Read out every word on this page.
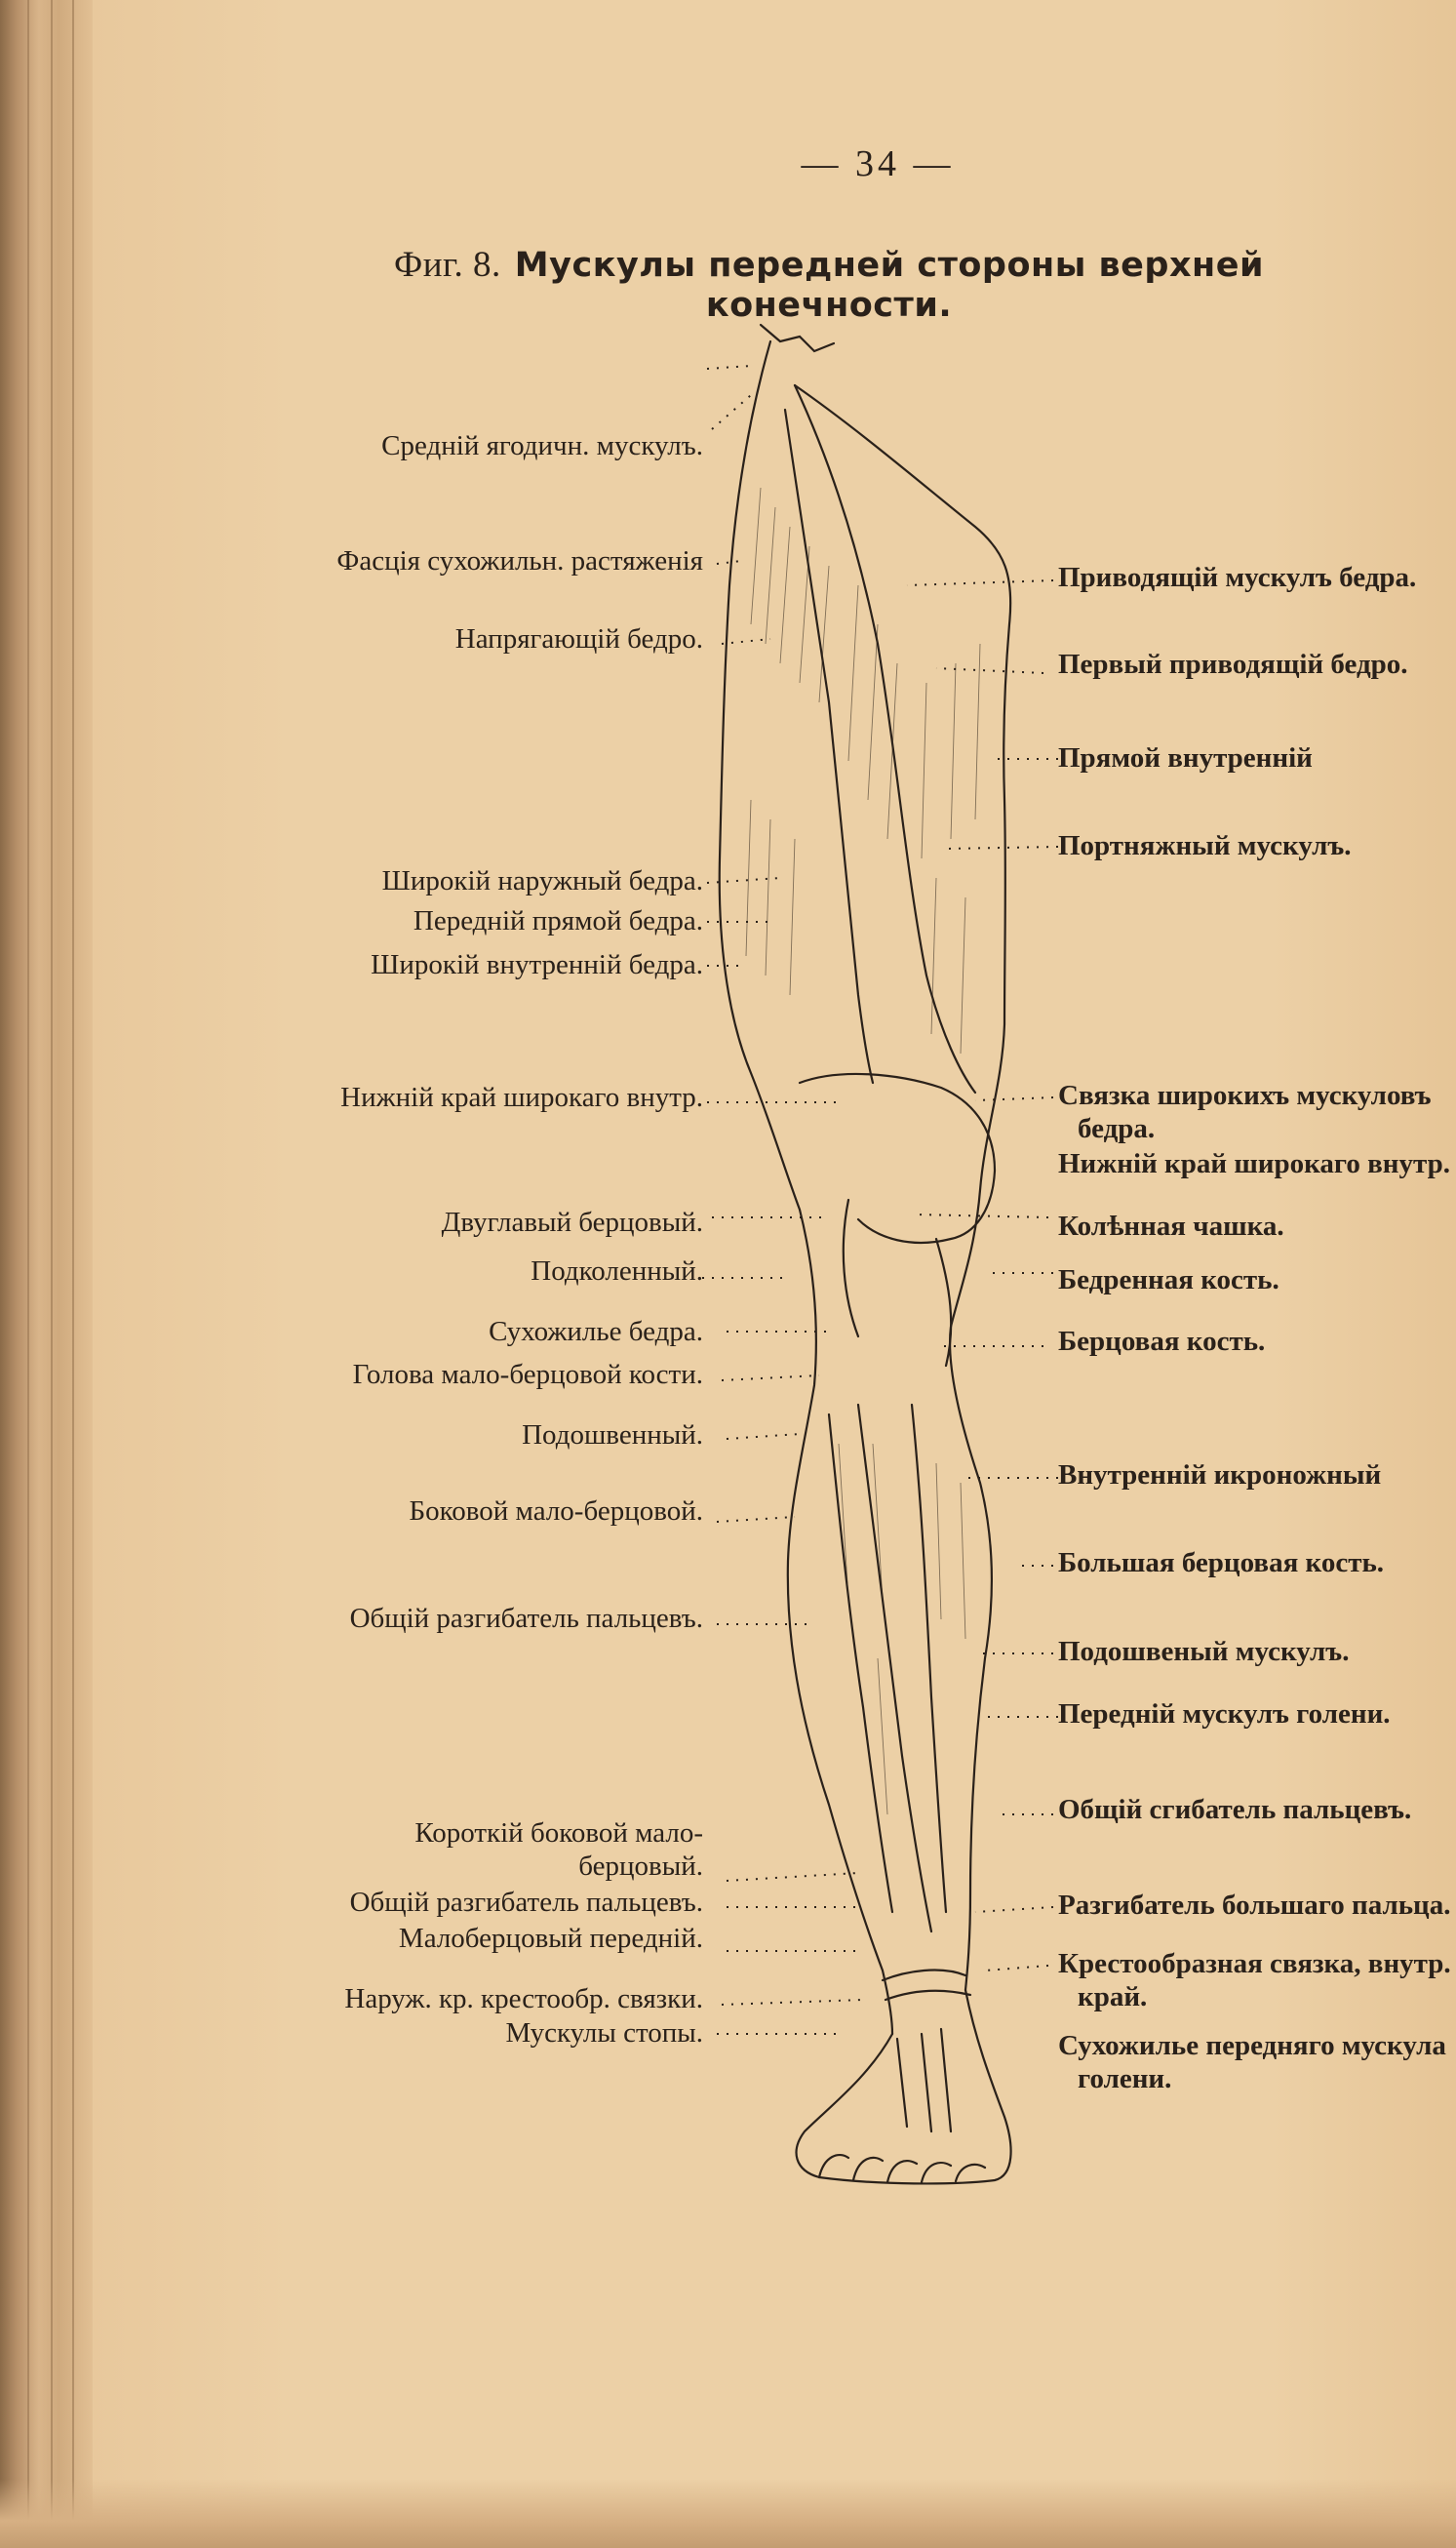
— 34 —
Фиг. 8. Мускулы передней стороны верхней конечности.
Средній ягодичн. мускулъ.
Фасція сухожильн. растяженія
Напрягающій бедро.
Широкій наружный бедра.
Передній прямой бедра.
Широкій внутренній бедра.
Нижній край широкаго внутр.
Двуглавый берцовый.
Подколенный.
Сухожилье бедра.
Голова мало-берцовой кости.
Подошвенный.
Боковой мало-берцовой.
Общій разгибатель пальцевъ.
Короткій боковой мало-
берцовый.
Общій разгибатель пальцевъ.
Малоберцовый передній.
Наруж. кр. крестообр. связки.
Мускулы стопы.
Приводящій мускулъ бедра.
Первый приводящій бедро.
Прямой внутренній
Портняжный мускулъ.
Связка широкихъ мускуловъ
бедра.
Нижній край широкаго внутр.
Колѣнная чашка.
Бедренная кость.
Берцовая кость.
Внутренній икроножный
Большая берцовая кость.
Подошвеный мускулъ.
Передній мускулъ голени.
Общій сгибатель пальцевъ.
Разгибатель большаго пальца.
Крестообразная связка, внутр.
край.
Сухожилье передняго мускула
голени.
